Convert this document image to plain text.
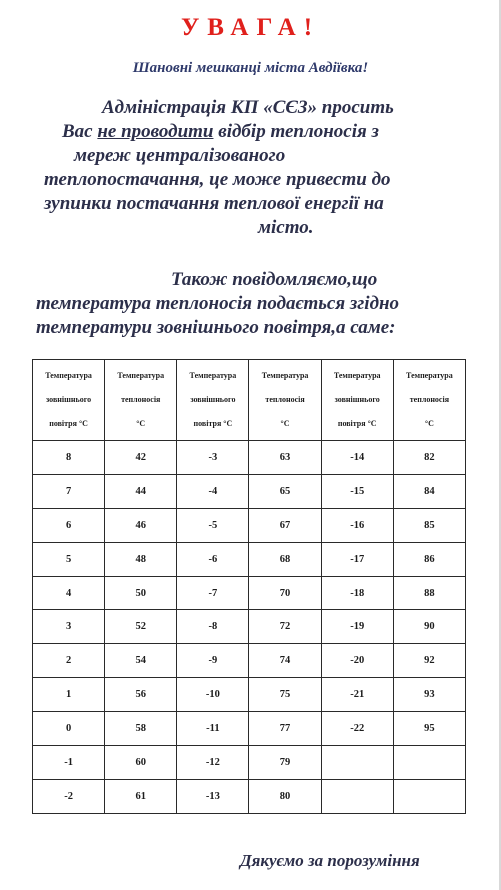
УВАГА!
Шановні мешканці міста Авдіївка!
Адміністрація КП «СЄЗ» просить
Вас не проводити відбір теплоносія з
мереж централізованого
теплопостачання, це може привести до
зупинки постачання теплової енергії на
місто.
Також повідомляємо,що
температура теплоносія подається згідно
температури зовнішнього повітря,а саме:
Температура
зовнішнього
повітря °С	Температура
теплоносія
°С	Температура
зовнішнього
повітря °С	Температура
теплоносія
°С	Температура
зовнішнього
повітря °С	Температура
теплоносія
°С
8	42	-3	63	-14	82
7	44	-4	65	-15	84
6	46	-5	67	-16	85
5	48	-6	68	-17	86
4	50	-7	70	-18	88
3	52	-8	72	-19	90
2	54	-9	74	-20	92
1	56	-10	75	-21	93
0	58	-11	77	-22	95
-1	60	-12	79		
-2	61	-13	80		
Дякуємо за порозуміння
